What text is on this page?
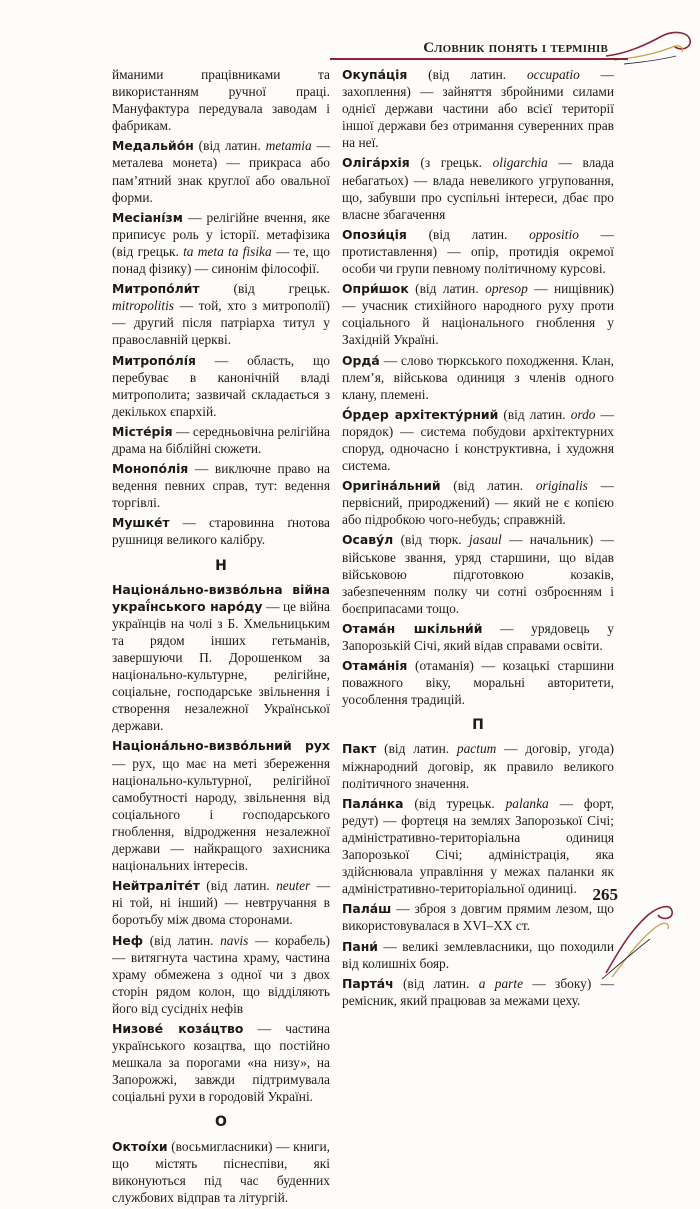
Словник понять і термінів

йманими працівниками та використанням ручної праці. Мануфактура передувала заводам і фабрикам.

Медальйо́н (від латин. metamia — металева монета) — прикраса або пам’ятний знак круглої або овальної форми.

Месіані́зм — релігійне вчення, яке приписує роль у історії. метафізика (від грецьк. ta meta ta fisika — те, що понад фізику) — синонім філософії.

Митропо́ли́т (від грецьк. mitropolitis — той, хто з митрополії) — другий після патріарха титул у православній церкві.

Митропо́лі́я — область, що перебуває в канонічній владі митрополита; зазвичай складається з декількох єпархій.

Місте́рія — середньовічна релігійна драма на біблійні сюжети.

Монопо́лія — виключне право на ведення певних справ, тут: ведення торгівлі.

Мушке́т — старовинна ґнотова рушниця великого калібру.

Н

Націона́льно-визво́льна війна украї́нського наро́ду — це війна українців на чолі з Б. Хмельницьким та рядом інших гетьманів, завершуючи П. Дорошенком за національно-культурне, релігійне, соціальне, господарське звільнення і створення незалежної Української держави.

Націона́льно-визво́льний рух — рух, що має на меті збереження національно-культурної, релігійної самобутності народу, звільнення від соціального і господарського гноблення, відродження незалежної держави — найкращого захисника національних інтересів.

Нейтраліте́т (від латин. neuter — ні той, ні інший) — невтручання в боротьбу між двома сторонами.

Неф (від латин. navis — корабель) — витягнута частина храму, частина храму обмежена з одної чи з двох сторін рядом колон, що відділяють його від сусідніх нефів

Низове́ коза́цтво — частина українського козацтва, що постійно мешкала за порогами «на низу», на Запорожжі, завжди підтримувала соціальні рухи в городовій Україні.

О

Октоі́хи (восьмигласники) — книги, що містять піснеспіви, які виконуються під час буденних службових відправ та літургій.

Окупа́ція (від латин. occupatio — захоплення) — зайняття збройними силами однієї держави частини або всієї території іншої держави без отримання суверенних прав на неї.

Оліга́рхія (з грецьк. oligarchia — влада небагатьох) — влада невеликого угруповання, що, забувши про суспільні інтереси, дбає про власне збагачення

Опози́ція (від латин. oppositio — протиставлення) — опір, протидія окремої особи чи групи певному політичному курсові.

Опри́шок (від латин. opresор — нищівник) — учасник стихійного народного руху проти соціального й національного гноблення у Західній Україні.

Орда́ — слово тюркського походження. Клан, плем’я, військова одиниця з членів одного клану, племені.

О́рдер архітекту́рний (від латин. ordo — порядок) — система побудови архітектурних споруд, одночасно і конструктивна, і художня система.

Оригіна́льний (від латин. originalis — первісний, природжений) — який не є копією або підробкою чого-небудь; справжній.

Осаву́л (від тюрк. jasaul — начальник) — військове звання, уряд старшини, що відав військовою підготовкою козаків, забезпеченням полку чи сотні озброєнням і боєприпасами тощо.

Отама́н шкільни́й — урядовець у Запорозькій Січі, який відав справами освіти.

Отама́нія (отаманія) — козацькі старшини поважного віку, моральні авторитети, уособлення традицій.

П

Пакт (від латин. pactum — договір, угода) міжнародний договір, як правило великого політичного значення.

Пала́нка (від турецьк. palanka — форт, редут) — фортеця на землях Запорозької Січі; адміністративно-територіальна одиниця Запорозької Січі; адміністрація, яка здійснювала управління у межах паланки як адміністративно-територіальної одиниці.

Пала́ш — зброя з довгим прямим лезом, що використовувалася в XVI–XX ст.

Пани́ — великі землевласники, що походили від колишніх бояр.

Парта́ч (від латин. a parte — збоку) — ремісник, який працював за межами цеху.

265
